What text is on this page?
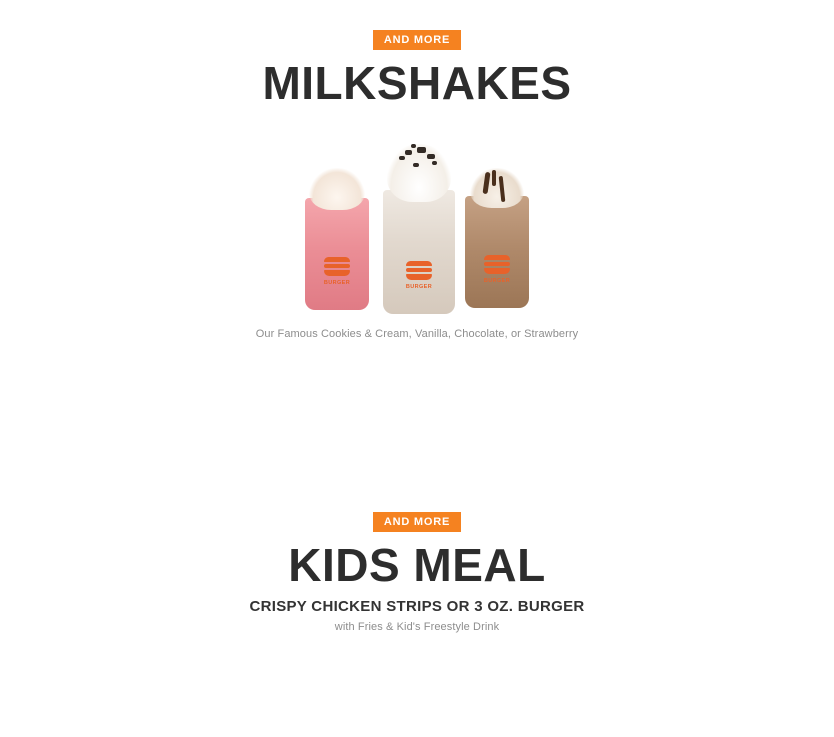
AND MORE
MILKSHAKES
BURGER
BURGER
BURGER

Our Famous Cookies & Cream, Vanilla, Chocolate, or Strawberry

AND MORE
KIDS MEAL

CRISPY CHICKEN STRIPS OR 3 OZ. BURGER

with Fries & Kid's Freestyle Drink
